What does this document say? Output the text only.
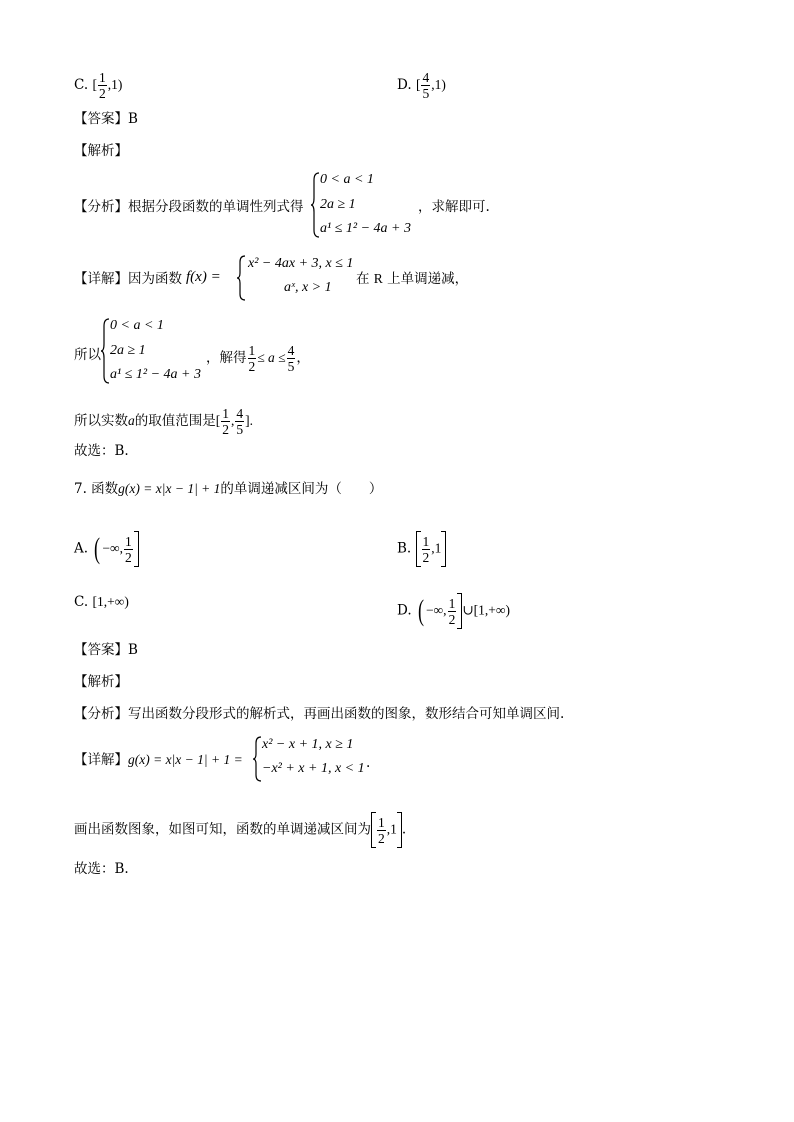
C. [ $\frac{1}{2} ,1$)	D. [ $\frac{4}{5} ,1$)
【答案】B
【解析】
【分析】根据分段函数的单调性列式得
0 < a < 1
2a ≥ 1
a¹ ≤ 1² − 4a + 3
，求解即可.
【详解】因为函数 f(x) =
x² − 4ax + 3, x ≤ 1
aˣ, x > 1
在 R 上单调递减，
所以
0 < a < 1
2a ≥ 1
a¹ ≤ 1² − 4a + 3
，解得 $\frac{1}{2} \le a \le \frac{4}{5}$ ，
所以实数a的取值范围是[ $\frac{1}{2}$ , $\frac{4}{5}$ ].
故选：B.
7. 函数g(x) = x|x − 1| + 1的单调递减区间为（　　）
A. ( −∞, $\frac{1}{2}$	B. $\frac{1}{2} ,1$
C. [1,+∞)
D. ( −∞, $\frac{1}{2}$ ∪[1,+∞)
【答案】B
【解析】
【分析】写出函数分段形式的解析式，再画出函数的图象，数形结合可知单调区间.
【详解】g(x) = x|x − 1| + 1 =
x² − x + 1, x ≥ 1
−x² + x + 1, x < 1 .
画出函数图象，如图可知，函数的单调递减区间为 $\frac{1}{2} ,1$ .
故选：B.
